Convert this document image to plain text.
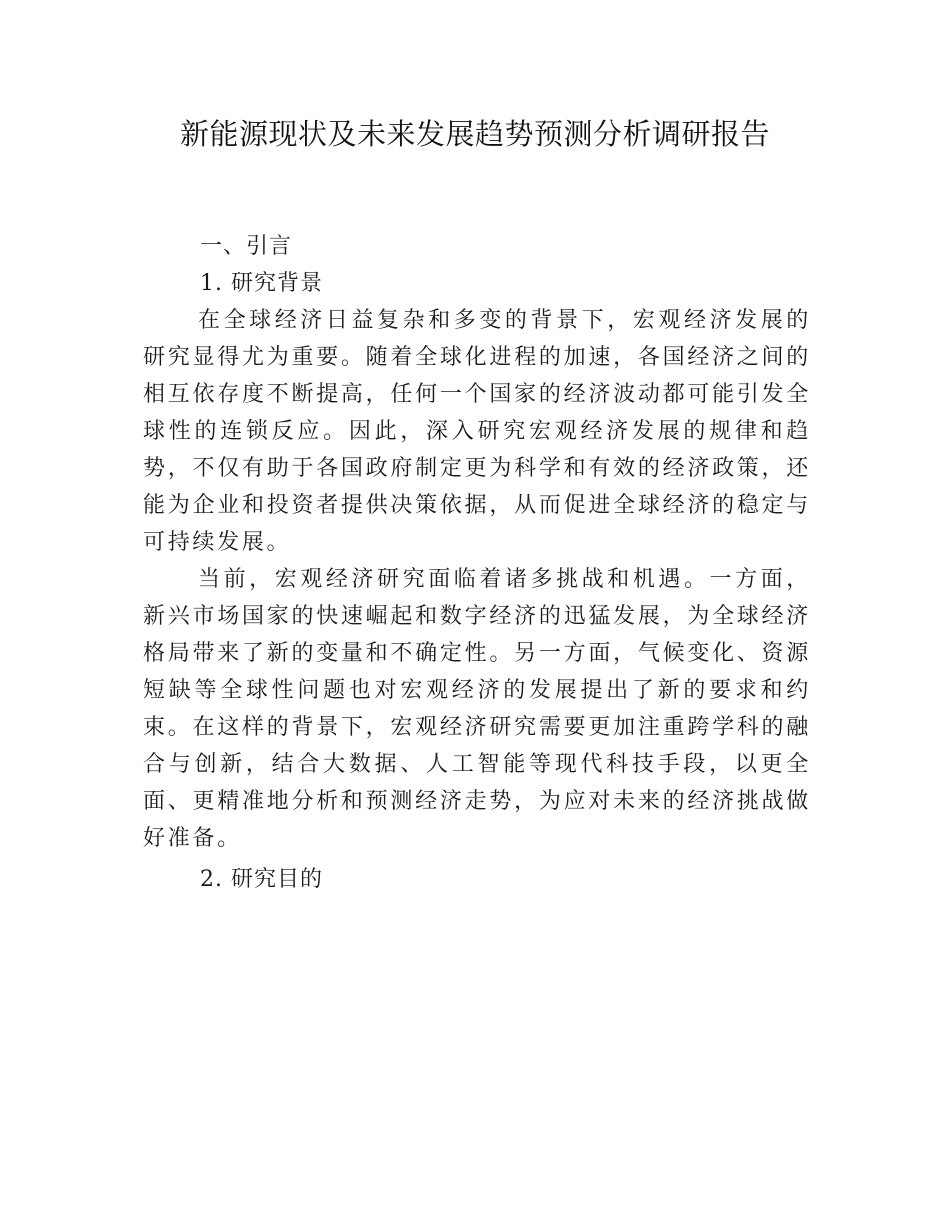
新能源现状及未来发展趋势预测分析调研报告
一、引言
1. 研究背景

在全球经济日益复杂和多变的背景下，宏观经济发展的研究显得尤为重要。随着全球化进程的加速，各国经济之间的相互依存度不断提高，任何一个国家的经济波动都可能引发全球性的连锁反应。因此，深入研究宏观经济发展的规律和趋势，不仅有助于各国政府制定更为科学和有效的经济政策，还能为企业和投资者提供决策依据，从而促进全球经济的稳定与可持续发展。

当前，宏观经济研究面临着诸多挑战和机遇。一方面，新兴市场国家的快速崛起和数字经济的迅猛发展，为全球经济格局带来了新的变量和不确定性。另一方面，气候变化、资源短缺等全球性问题也对宏观经济的发展提出了新的要求和约束。在这样的背景下，宏观经济研究需要更加注重跨学科的融合与创新，结合大数据、人工智能等现代科技手段，以更全面、更精准地分析和预测经济走势，为应对未来的经济挑战做好准备。

2. 研究目的
